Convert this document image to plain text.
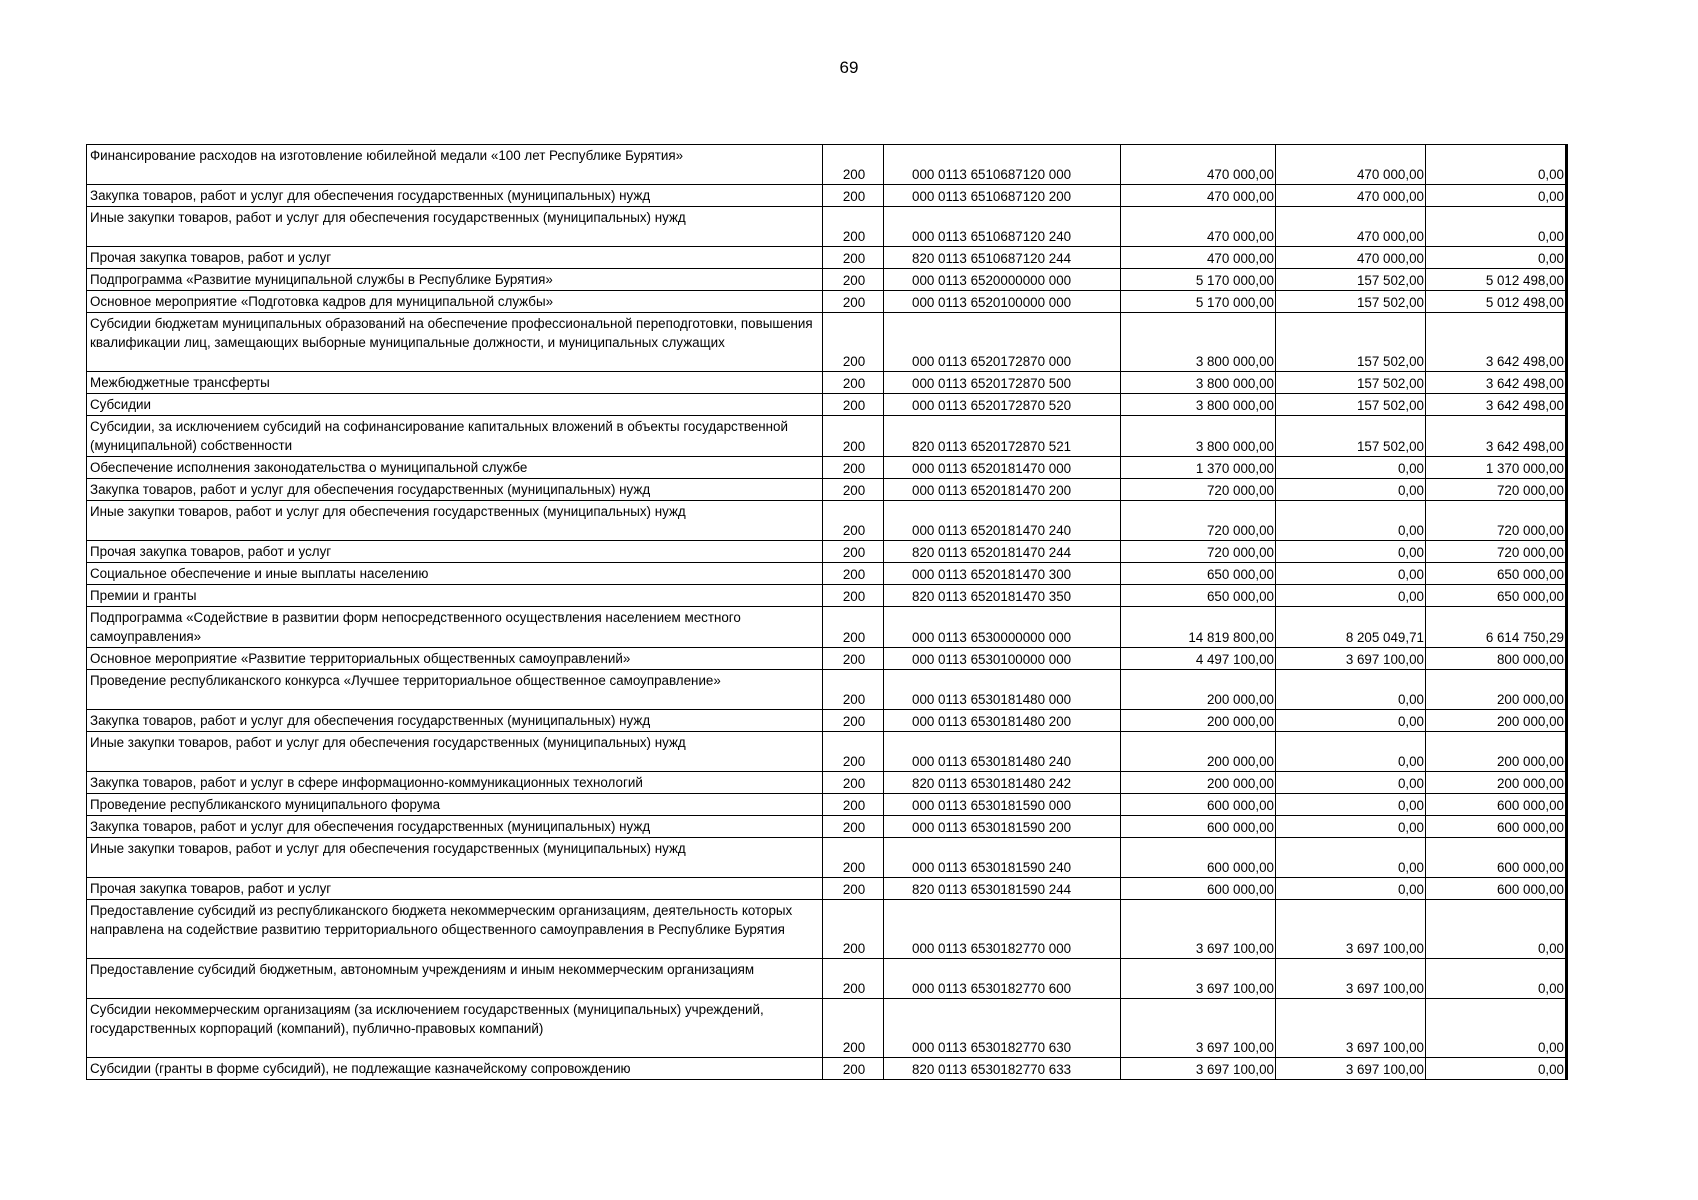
69
Финансирование расходов на изготовление юбилейной медали «100 лет Республике Бурятия»	200	000 0113 6510687120 000	470 000,00	470 000,00	0,00
Закупка товаров, работ и услуг для обеспечения государственных (муниципальных) нужд	200	000 0113 6510687120 200	470 000,00	470 000,00	0,00
Иные закупки товаров, работ и услуг для обеспечения государственных (муниципальных) нужд	200	000 0113 6510687120 240	470 000,00	470 000,00	0,00
Прочая закупка товаров, работ и услуг	200	820 0113 6510687120 244	470 000,00	470 000,00	0,00
Подпрограмма «Развитие муниципальной службы в Республике Бурятия»	200	000 0113 6520000000 000	5 170 000,00	157 502,00	5 012 498,00
Основное мероприятие «Подготовка кадров для муниципальной службы»	200	000 0113 6520100000 000	5 170 000,00	157 502,00	5 012 498,00
Субсидии бюджетам муниципальных образований на обеспечение профессиональной переподготовки, повышения квалификации лиц, замещающих выборные муниципальные должности, и муниципальных служащих	200	000 0113 6520172870 000	3 800 000,00	157 502,00	3 642 498,00
Межбюджетные трансферты	200	000 0113 6520172870 500	3 800 000,00	157 502,00	3 642 498,00
Субсидии	200	000 0113 6520172870 520	3 800 000,00	157 502,00	3 642 498,00
Субсидии, за исключением субсидий на софинансирование капитальных вложений в объекты государственной (муниципальной) собственности	200	820 0113 6520172870 521	3 800 000,00	157 502,00	3 642 498,00
Обеспечение исполнения законодательства о муниципальной службе	200	000 0113 6520181470 000	1 370 000,00	0,00	1 370 000,00
Закупка товаров, работ и услуг для обеспечения государственных (муниципальных) нужд	200	000 0113 6520181470 200	720 000,00	0,00	720 000,00
Иные закупки товаров, работ и услуг для обеспечения государственных (муниципальных) нужд	200	000 0113 6520181470 240	720 000,00	0,00	720 000,00
Прочая закупка товаров, работ и услуг	200	820 0113 6520181470 244	720 000,00	0,00	720 000,00
Социальное обеспечение и иные выплаты населению	200	000 0113 6520181470 300	650 000,00	0,00	650 000,00
Премии и гранты	200	820 0113 6520181470 350	650 000,00	0,00	650 000,00
Подпрограмма «Содействие в развитии форм непосредственного осуществления населением местного самоуправления»	200	000 0113 6530000000 000	14 819 800,00	8 205 049,71	6 614 750,29
Основное мероприятие «Развитие территориальных общественных самоуправлений»	200	000 0113 6530100000 000	4 497 100,00	3 697 100,00	800 000,00
Проведение республиканского конкурса «Лучшее территориальное общественное самоуправление»	200	000 0113 6530181480 000	200 000,00	0,00	200 000,00
Закупка товаров, работ и услуг для обеспечения государственных (муниципальных) нужд	200	000 0113 6530181480 200	200 000,00	0,00	200 000,00
Иные закупки товаров, работ и услуг для обеспечения государственных (муниципальных) нужд	200	000 0113 6530181480 240	200 000,00	0,00	200 000,00
Закупка товаров, работ и услуг в сфере информационно-коммуникационных технологий	200	820 0113 6530181480 242	200 000,00	0,00	200 000,00
Проведение республиканского муниципального форума	200	000 0113 6530181590 000	600 000,00	0,00	600 000,00
Закупка товаров, работ и услуг для обеспечения государственных (муниципальных) нужд	200	000 0113 6530181590 200	600 000,00	0,00	600 000,00
Иные закупки товаров, работ и услуг для обеспечения государственных (муниципальных) нужд	200	000 0113 6530181590 240	600 000,00	0,00	600 000,00
Прочая закупка товаров, работ и услуг	200	820 0113 6530181590 244	600 000,00	0,00	600 000,00
Предоставление субсидий из республиканского бюджета некоммерческим организациям, деятельность которых направлена на содействие развитию территориального общественного самоуправления в Республике Бурятия	200	000 0113 6530182770 000	3 697 100,00	3 697 100,00	0,00
Предоставление субсидий бюджетным, автономным учреждениям и иным некоммерческим организациям	200	000 0113 6530182770 600	3 697 100,00	3 697 100,00	0,00
Субсидии некоммерческим организациям (за исключением государственных (муниципальных) учреждений, государственных корпораций (компаний), публично-правовых компаний)	200	000 0113 6530182770 630	3 697 100,00	3 697 100,00	0,00
Субсидии (гранты в форме субсидий), не подлежащие казначейскому сопровождению	200	820 0113 6530182770 633	3 697 100,00	3 697 100,00	0,00
